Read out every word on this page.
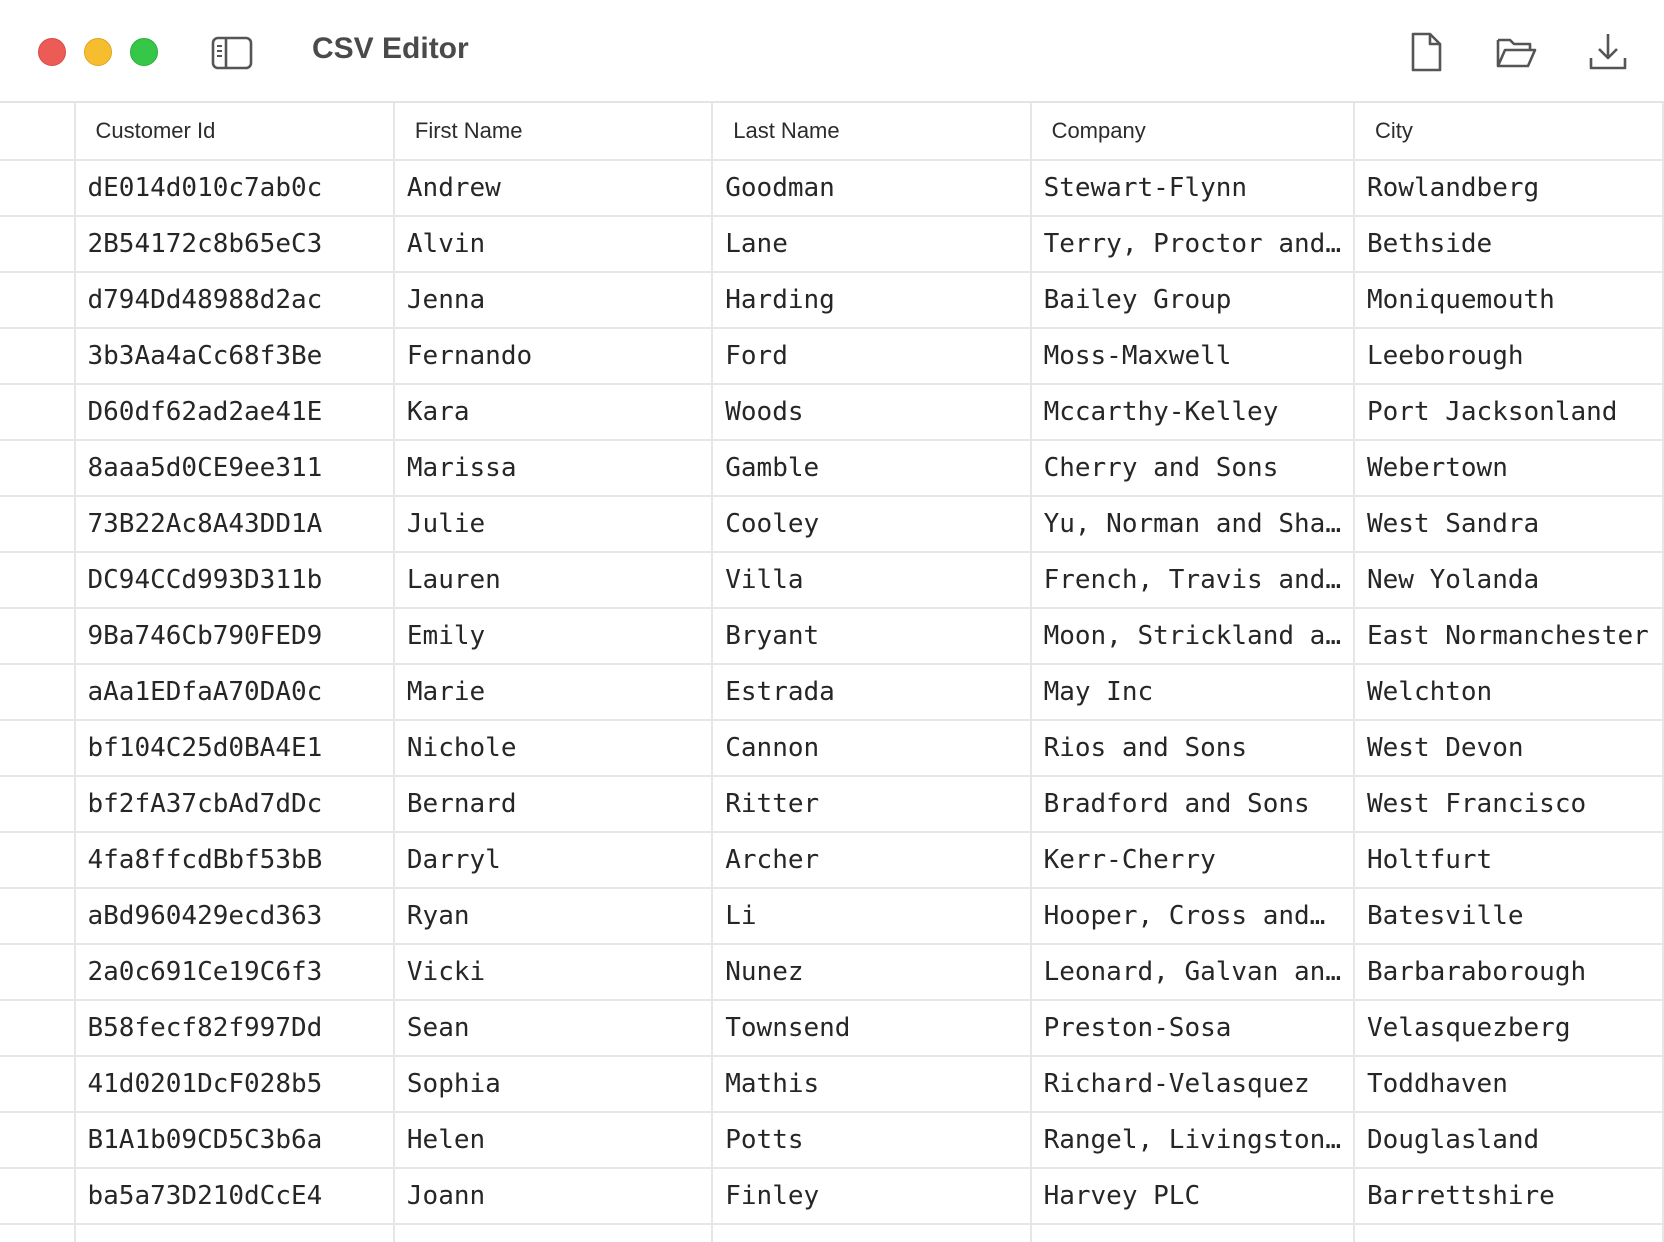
CSV Editor
	Customer Id	First Name	Last Name	Company	City
	dE014d010c7ab0c	Andrew	Goodman	Stewart-Flynn	Rowlandberg
	2B54172c8b65eC3	Alvin	Lane	Terry, Proctor and…	Bethside
	d794Dd48988d2ac	Jenna	Harding	Bailey Group	Moniquemouth
	3b3Aa4aCc68f3Be	Fernando	Ford	Moss-Maxwell	Leeborough
	D60df62ad2ae41E	Kara	Woods	Mccarthy-Kelley	Port Jacksonland
	8aaa5d0CE9ee311	Marissa	Gamble	Cherry and Sons	Webertown
	73B22Ac8A43DD1A	Julie	Cooley	Yu, Norman and Sha…	West Sandra
	DC94CCd993D311b	Lauren	Villa	French, Travis and…	New Yolanda
	9Ba746Cb790FED9	Emily	Bryant	Moon, Strickland a…	East Normanchester
	aAa1EDfaA70DA0c	Marie	Estrada	May Inc	Welchton
	bf104C25d0BA4E1	Nichole	Cannon	Rios and Sons	West Devon
	bf2fA37cbAd7dDc	Bernard	Ritter	Bradford and Sons	West Francisco
	4fa8ffcdBbf53bB	Darryl	Archer	Kerr-Cherry	Holtfurt
	aBd960429ecd363	Ryan	Li	Hooper, Cross and…	Batesville
	2a0c691Ce19C6f3	Vicki	Nunez	Leonard, Galvan an…	Barbaraborough
	B58fecf82f997Dd	Sean	Townsend	Preston-Sosa	Velasquezberg
	41d0201DcF028b5	Sophia	Mathis	Richard-Velasquez	Toddhaven
	B1A1b09CD5C3b6a	Helen	Potts	Rangel, Livingston…	Douglasland
	ba5a73D210dCcE4	Joann	Finley	Harvey PLC	Barrettshire
